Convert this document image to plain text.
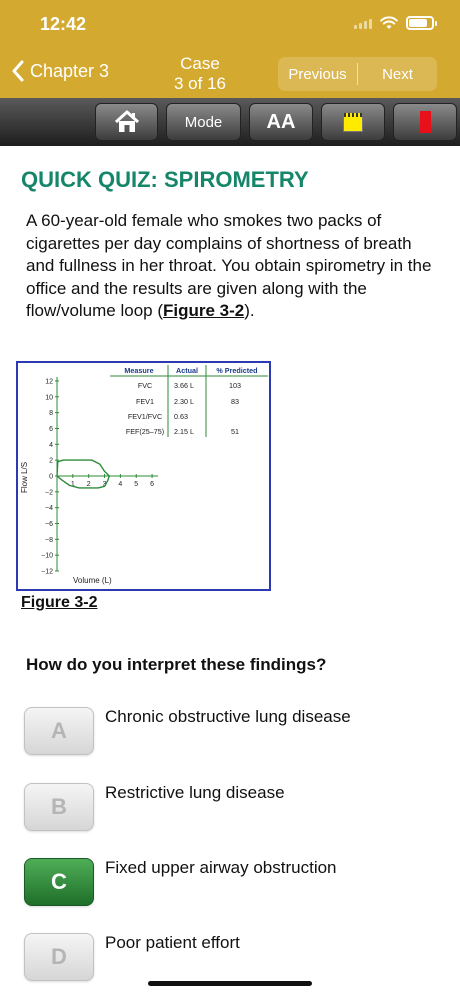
12:42
Chapter 3	Case
3 of 16	Previous	Next
Mode	AA
QUICK QUIZ: SPIROMETRY
A 60-year-old female who smokes two packs of cigarettes per day complains of shortness of breath and fullness in her throat. You obtain spirometry in the office and the results are given along with the flow/volume loop (Figure 3-2).
12
10
8
6
4
2
0
−2
−4
−6
−8
−10
−12
1 2 3 4 5 6
Measure	Actual	% Predicted
FVC	3.66 L	103
FEV1	2.30 L	83
FEV1/FVC 0.63
FEF(25–75) 2.15 L	51
Volume (L)
Flow L/S
Figure 3-2
How do you interpret these findings?
A
Chronic obstructive lung disease
B
Restrictive lung disease
C
Fixed upper airway obstruction
D
Poor patient effort
